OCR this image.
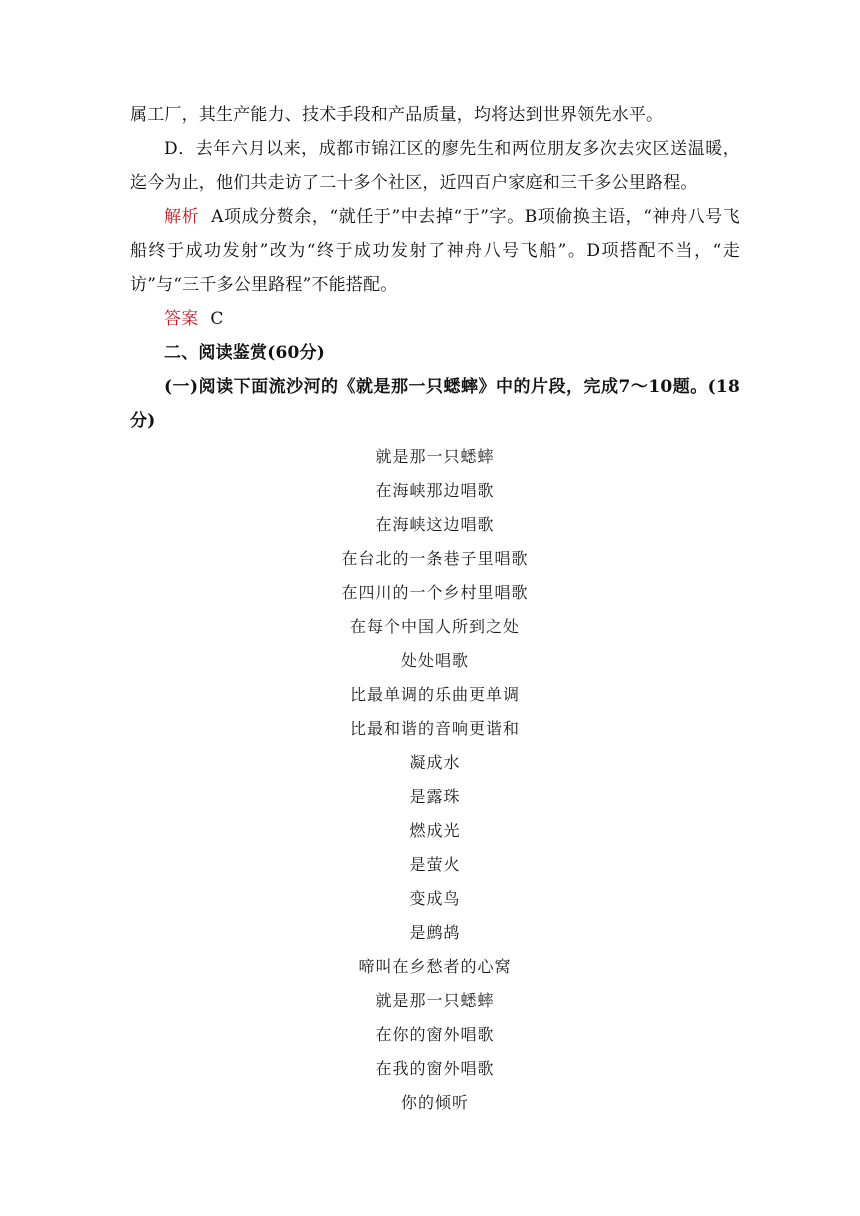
属工厂，其生产能力、技术手段和产品质量，均将达到世界领先水平。

D．去年六月以来，成都市锦江区的廖先生和两位朋友多次去灾区送温暖，迄今为止，他们共走访了二十多个社区，近四百户家庭和三千多公里路程。

解析 A项成分赘余，“就任于”中去掉“于”字。B项偷换主语，“神舟八号飞船终于成功发射”改为“终于成功发射了神舟八号飞船”。D项搭配不当，“走访”与“三千多公里路程”不能搭配。

答案 C

二、阅读鉴赏(60分)

(一)阅读下面流沙河的《就是那一只蟋蟀》中的片段，完成7～10题。(18分)

就是那一只蟋蟀
在海峡那边唱歌
在海峡这边唱歌
在台北的一条巷子里唱歌
在四川的一个乡村里唱歌
在每个中国人所到之处
处处唱歌
比最单调的乐曲更单调
比最和谐的音响更谐和
凝成水
是露珠
燃成光
是萤火
变成鸟
是鹧鸪
啼叫在乡愁者的心窝
就是那一只蟋蟀
在你的窗外唱歌
在我的窗外唱歌
你的倾听
